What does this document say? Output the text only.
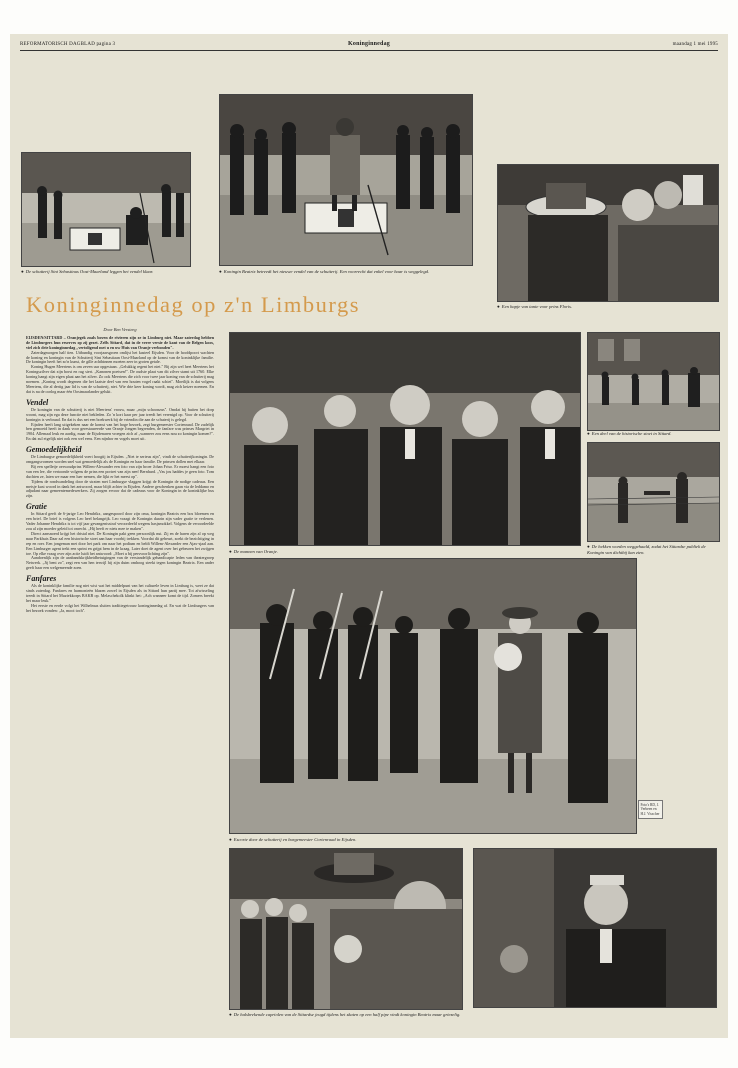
REFORMATORISCH DAGBLAD pagina 3	Koninginnedag	maandag 1 mei 1995
● De schutterij Sint Sebastinus Oost-Maarland leggen het vendel klaar.	● Koningin Beatrix betreedt het nieuwe vendel van de schutterij. Een voorrecht dat enkel voor haar is weggelegd.
● Een hapje van tante voor prins Floris.
Koninginnedag op z'n Limburgs
Door Ben Versteeg

EIJSDEN/SITTARD – Oranjegek zoals boven de rivieren zijn ze in Limburg niet. Maar zaterdag hebben de Limburgers hun reserves op zij gezet. Zelfs Sittard, dat in de verre versie de kant van de Belgen koos, viel zich drie koninginnedag „vertoligend met u en uw Huis van Oranje verbonden".

Zaterdagmorgen half tien. Uitbundig voorjaarsgroen omlijst het kasteel Eijsden. Voor de hoofdpoort wachten de koning en koningin van de Schutterij Sint Sebastiaan Oost-Maarland op de komst van de koninklijke familie. De koningin heeft het zo'n kunst, de gille achtbinnen moeten zeer in groten getale.

Koning Hugen Meertens is om zeven uur opgestaan. „Gelukkig regent het niet." Bij zijn wel heet Meertens het Koningszilver dat zijn borst en rug siert. „Kanonen poetsen!". De oudste plaat van dit zilver stamt uit 1760. Elke koning hangt zijn eigen plaat aan het zilver. Zo ook Meertens die zich voor twee jaar koning van de schutterij mag noemen. „Koning wordt degenen die het laatste deel van een houten vogel raakt schiet". Moeilijk is dat volgens Meertens, die al dertig jaar lid is van de schutterij, niet. Wie drie keer koning wordt, mag zich keizer noemen. En dat is na de oorlog maar één Oostmaarlander gelukt.

Vendel

De koningin van de schutterij is niet Meertens' vrouw, maar „mijn schoonzus". Omdat hij buiten het dorp woont, mag zijn ega deze functie niet bekleden. Zo 'n kort kaar per jaar treedt het verenigd op. Voor de schutterij koningin is verbraad. En dat is dus net een boekwerk bij de vriendin die aan de schuterij is gelegd.

Eijsden heeft lang uitgekeken naar de komst van het hoge bezoek, zegt burgemeester Cortenraad. De zadelijk ben gemoeid heeft in dank voor gerestaureerde van Oranje Jongen begrenden, de fanfare was prinses Margriet in 1904. Allemaal leuk en aardig, maar de Eijsdenaren vroegen zich af „wanneer zou eens nou zo koningin komen?". En dat zul eigelijk niet ook een wel eens. Een nijnhor en vogels moet uit.

Gemoedelijkheid

De Limburgse gemoedelijkheid voert hoogtij in Eijsden. „Niet te serieus zijn", vindt de schutterijkoningin. De omgangsvormen worden snel wat gemoedelijk als de Koningin en haar familie. De prinsen dollen met elkaar.

Bij een spelletje oerwoudprins Willem-Alexander een foto van zijn broer Johan Friso. Er moest hangt een foto van een lee, die vertoonde volgens de prins een portret van zijn neef Bernhard. „Vas jou haddes je geen foto. Tom duchten ze, laten we maar een luer nemen, die lijkt er het meest op".

Tijdens de rondwandeling door de straten met Limburgse vlaggen krijgt de Koningin de nodige cadeaus. Een meisje kust woord in dank het antwoord, maar blijft achter in Eijsden. Andere geschenken gaan via de leddamo en adjudant naar gemeentemedewerkers. Zij zorgen ervoor dat de cadeaus voor de Koningin in de koninklijke bus zijn.

Gratie

In Sittard geeft de 6-jarige Leo Hendrikx, aangespoord door zijn oma, koningin Beatrix een bos bloemen en een brief. De brief is volgens Leo heel belangrijk. Leo vraagt de Koningin daarin zijn vader gratie te verlenen. Vader Johanne Hendrikx is tot vijf jaar gevangenisstraf veroordeeld wegens hasjsmokkel. Volgens de veroordeelde zou al zijn moeder geleid tot onrecht. „Hij heeft er niets mee te maken".

Direct aansnoerd krijgt het dristal niet. De Koningin pakt geen persoonlijk nut. Zij en de haren zijn al op weg naar Parkhuis Daar zal een historische stoet aan haar voorbij trekken. Voordat dit gebeurt, zoekt de bezichtiging in rep en roer. Een jongeman met door het park om naar het podium en beldt Willem-Alexander een Ajax-sjaal aan. Een Limburger agent trekt een sprint en grijpt hem in de kraag. Later doet de agent over het gebeuren het zwijgen toe. Op elke vraag over zijn actie luidt het antwoord: „Moet u bij persvoorlichting zijn".

Aandoenlijk zijn de aanbandskrijkheidbetuigingen van de verstandelijk gehandicapte leden van theatergroep Netwerk. „Jij bent zo", zegt een van hen terwijl hij zijn duim omhoog steekt tegen koningin Beatrix. Een ander geeft haar een welgemeende zoen.

Fanfares

Als de koninklijke familie nog niet wist wat het middelpunt van het culturele leven in Limburg is, weet ze dat sinds zaterdag. Fanfares en harmonieën blazen zowel in Eijsden als in Sittard hun partij mee. Tot afwisseling treedt in Sittard het Muziekkorps BAKB op. Melaschekolk klinkt het: „Ach wanneer komt de tijd. Zomers breekt het maar leuk."

Het eerste en eerde volgt het Wilhelmus sluiten traditiegetrouw koninginnedag af. En wat de Limburgers van het bezoek vonden: „Ja, mooi toch".

● De mannen van Oranje.
● Een deel van de historische stoet in Sittard.
● De hekken worden weggehaald, zodat het Sittardse publiek de Koningin van dichtbij kan zien.
Foto's RD, J. Verbeen en H.J. Visscher
● Escorte door de schutterij en burgemeester Cortenraad in Eijsden.
● De halsbrekende capriolen van de Sittardse jeugd tijdens het skaten op een half pipe vindt koningin Beatrix maar griezelig.
